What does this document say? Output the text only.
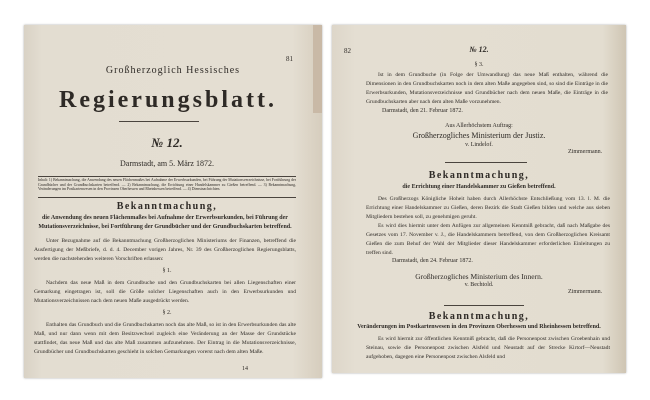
81
Großherzoglich Hessisches
Regierungsblatt.
№ 12.
Darmstadt, am 5. März 1872.
Inhalt: 1) Bekanntmachung, die Anwendung des neuen Flächenmaßes bei Aufnahme der Erwerbsurkunden, bei Führung der Mutationsverzeichnisse, bei Fortführung der Grundbücher und der Grundbuchskarten betreffend. — 2) Bekanntmachung, die Errichtung einer Handelskammer zu Gießen betreffend. — 3) Bekanntmachung, Veränderungen im Postkartenwesen in den Provinzen Oberhessen und Rheinhessen betreffend. — 4) Dienstnachrichten.
Bekanntmachung,
die Anwendung des neuen Flächenmaßes bei Aufnahme der Erwerbsurkunden, bei Führung der Mutationsverzeichnisse, bei Fortführung der Grundbücher und der Grundbuchskarten betreffend.
Unter Bezugnahme auf die Bekanntmachung Großherzoglichen Ministeriums der Finanzen, betreffend die Ausfertigung der Meßbriefe, d. d. 4. December vorigen Jahres, Nr. 39 des Großherzoglichen Regierungsblatts, werden die nachstehenden weiteren Vorschriften erlassen:
§ 1.
Nachdem das neue Maß in dem Grundbuche und den Grundbuchskarten bei allen Liegenschaften einer Gemarkung eingetragen ist, soll die Größe solcher Liegenschaften auch in den Erwerbsurkunden und Mutationsverzeichnissen nach dem neuen Maße ausgedrückt werden.
§ 2.
Enthalten das Grundbuch und die Grundbuchskarten noch das alte Maß, so ist in den Erwerbsurkunden das alte Maß, und nur dann wenn mit dem Besitzwechsel zugleich eine Veränderung an der Masse der Grundstücke stattfindet, das neue Maß und das alte Maß zusammen aufzunehmen. Der Eintrag in die Mutationsverzeichnisse, Grundbücher und Grundbuchskarten geschieht in solchen Gemarkungen vorerst nach dem alten Maße.
14
82	№ 12.
§ 3.
Ist in dem Grundbuche (in Folge der Umwandlung) das neue Maß enthalten, während die Dimensionen in den Grundbuchskarten noch in dem alten Maße angegeben sind, so sind die Einträge in die Erwerbsurkunden, Mutationsverzeichnisse und Grundbücher nach dem neuen Maße, die Einträge in die Grundbuchskarten aber nach dem alten Maße vorzunehmen.
Darmstadt, den 21. Februar 1872.
Aus Allerhöchstem Auftrag:
Großherzogliches Ministerium der Justiz.
v. Lindelof.
Zimmermann.
Bekanntmachung,
die Errichtung einer Handelskammer zu Gießen betreffend.
Des Großherzogs Königliche Hoheit haben durch Allerhöchste Entschließung vom 13. l. M. die Errichtung einer Handelskammer zu Gießen, deren Bezirk die Stadt Gießen bilden und welche aus sieben Mitgliedern bestehen soll, zu genehmigen geruht.
Es wird dies hiermit unter dem Anfügen zur allgemeinen Kenntniß gebracht, daß nach Maßgabe des Gesetzes vom 17. November v. J., die Handelskammern betreffend, von dem Großherzoglichen Kreisamt Gießen die zum Behuf der Wahl der Mitglieder dieser Handelskammer erforderlichen Einleitungen zu treffen sind.
Darmstadt, den 24. Februar 1872.
Großherzogliches Ministerium des Innern.
v. Bechtold.
Zimmermann.
Bekanntmachung,
Veränderungen im Postkartenwesen in den Provinzen Oberhessen und Rheinhessen betreffend.
Es wird hiermit zur öffentlichen Kenntniß gebracht, daß die Personenpost zwischen Groebenhain und Steinau, sowie die Personenpost zwischen Alsfeld und Neustadt auf der Strecke Kirtorf—Neustadt aufgehoben, dagegen eine Personenpost zwischen Alsfeld und
